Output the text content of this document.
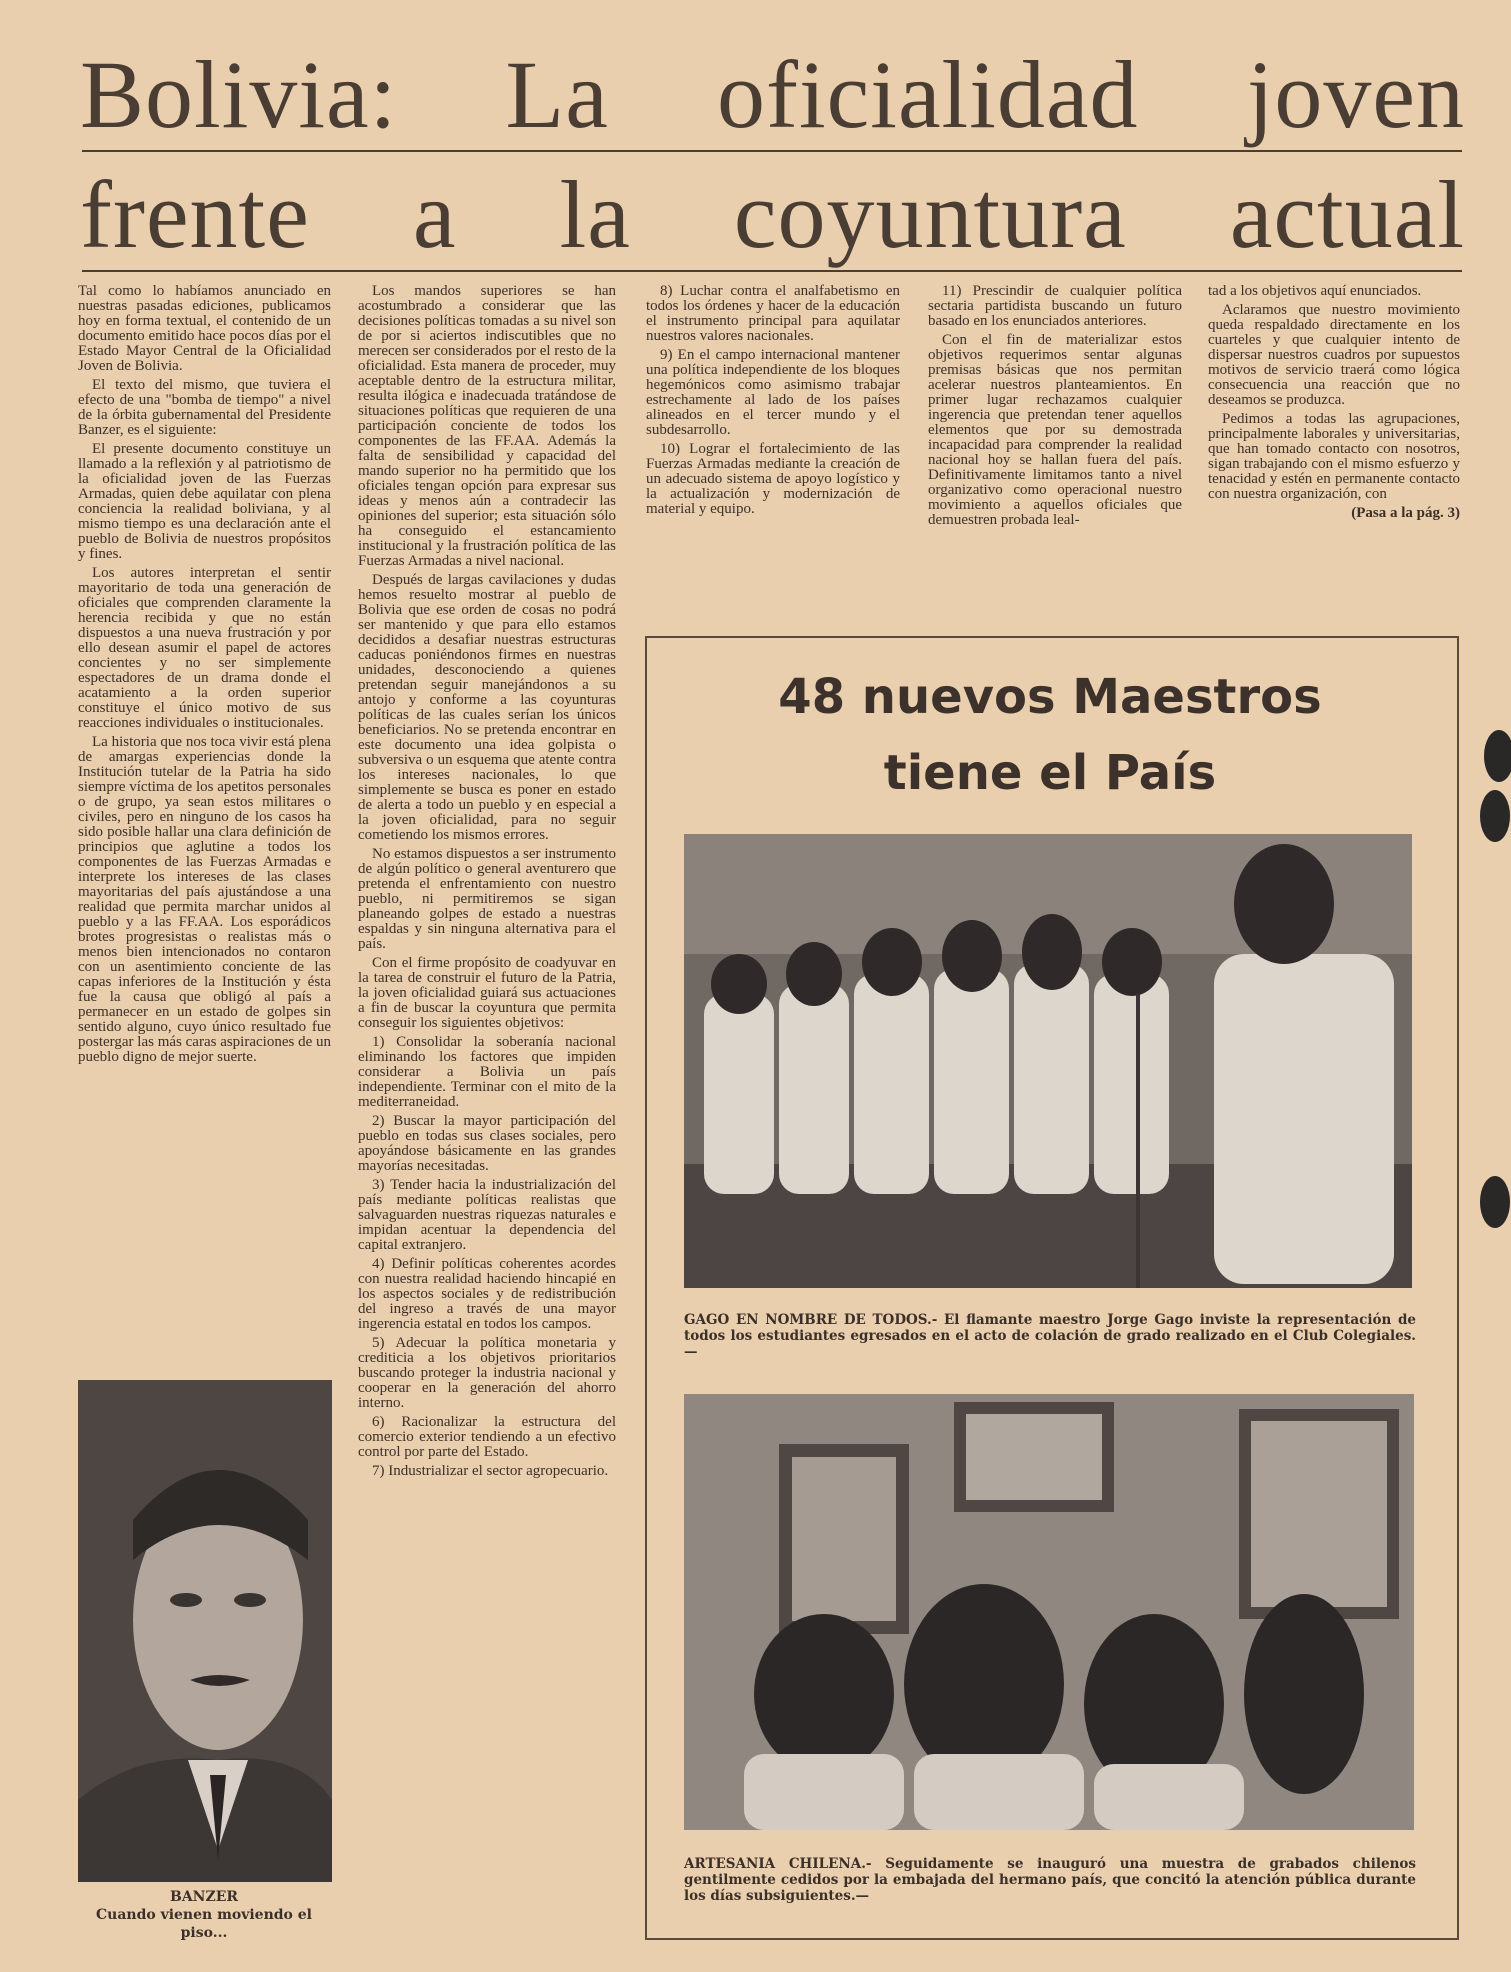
Bolivia: La oficialidad joven
frente a la coyuntura actual

Tal como lo habíamos anunciado en nuestras pasadas ediciones, publicamos hoy en forma textual, el contenido de un documento emitido hace pocos días por el Estado Mayor Central de la Oficialidad Joven de Bolivia.

El texto del mismo, que tuviera el efecto de una "bomba de tiempo" a nivel de la órbita gubernamental del Presidente Banzer, es el siguiente:

El presente documento constituye un llamado a la reflexión y al patriotismo de la oficialidad joven de las Fuerzas Armadas, quien debe aquilatar con plena conciencia la realidad boliviana, y al mismo tiempo es una declaración ante el pueblo de Bolivia de nuestros propósitos y fines.

Los autores interpretan el sentir mayoritario de toda una generación de oficiales que comprenden claramente la herencia recibida y que no están dispuestos a una nueva frustración y por ello desean asumir el papel de actores concientes y no ser simplemente espectadores de un drama donde el acatamiento a la orden superior constituye el único motivo de sus reacciones individuales o institucionales.

La historia que nos toca vivir está plena de amargas experiencias donde la Institución tutelar de la Patria ha sido siempre víctima de los apetitos personales o de grupo, ya sean estos militares o civiles, pero en ninguno de los casos ha sido posible hallar una clara definición de principios que aglutine a todos los componentes de las Fuerzas Armadas e interprete los intereses de las clases mayoritarias del país ajustándose a una realidad que permita marchar unidos al pueblo y a las FF.AA. Los esporádicos brotes progresistas o realistas más o menos bien intencionados no contaron con un asentimiento conciente de las capas inferiores de la Institución y ésta fue la causa que obligó al país a permanecer en un estado de golpes sin sentido alguno, cuyo único resultado fue postergar las más caras aspiraciones de un pueblo digno de mejor suerte.

BANZER
Cuando vienen moviendo el piso...

Los mandos superiores se han acostumbrado a considerar que las decisiones políticas tomadas a su nivel son de por si aciertos indiscutibles que no merecen ser considerados por el resto de la oficialidad. Esta manera de proceder, muy aceptable dentro de la estructura militar, resulta ilógica e inadecuada tratándose de situaciones políticas que requieren de una participación conciente de todos los componentes de las FF.AA. Además la falta de sensibilidad y capacidad del mando superior no ha permitido que los oficiales tengan opción para expresar sus ideas y menos aún a contradecir las opiniones del superior; esta situación sólo ha conseguido el estancamiento institucional y la frustración política de las Fuerzas Armadas a nivel nacional.

Después de largas cavilaciones y dudas hemos resuelto mostrar al pueblo de Bolivia que ese orden de cosas no podrá ser mantenido y que para ello estamos decididos a desafiar nuestras estructuras caducas poniéndonos firmes en nuestras unidades, desconociendo a quienes pretendan seguir manejándonos a su antojo y conforme a las coyunturas políticas de las cuales serían los únicos beneficiarios. No se pretenda encontrar en este documento una idea golpista o subversiva o un esquema que atente contra los intereses nacionales, lo que simplemente se busca es poner en estado de alerta a todo un pueblo y en especial a la joven oficialidad, para no seguir cometiendo los mismos errores.

No estamos dispuestos a ser instrumento de algún político o general aventurero que pretenda el enfrentamiento con nuestro pueblo, ni permitiremos se sigan planeando golpes de estado a nuestras espaldas y sin ninguna alternativa para el país.

Con el firme propósito de coadyuvar en la tarea de construir el futuro de la Patria, la joven oficialidad guiará sus actuaciones a fin de buscar la coyuntura que permita conseguir los siguientes objetivos:

1) Consolidar la soberanía nacional eliminando los factores que impiden considerar a Bolivia un país independiente. Terminar con el mito de la mediterraneidad.

2) Buscar la mayor participación del pueblo en todas sus clases sociales, pero apoyándose básicamente en las grandes mayorías necesitadas.

3) Tender hacia la industrialización del país mediante políticas realistas que salvaguarden nuestras riquezas naturales e impidan acentuar la dependencia del capital extranjero.

4) Definir políticas coherentes acordes con nuestra realidad haciendo hincapié en los aspectos sociales y de redistribución del ingreso a través de una mayor ingerencia estatal en todos los campos.

5) Adecuar la política monetaria y crediticia a los objetivos prioritarios buscando proteger la industria nacional y cooperar en la generación del ahorro interno.

6) Racionalizar la estructura del comercio exterior tendiendo a un efectivo control por parte del Estado.

7) Industrializar el sector agropecuario.

8) Luchar contra el analfabetismo en todos los órdenes y hacer de la educación el instrumento principal para aquilatar nuestros valores nacionales.

9) En el campo internacional mantener una política independiente de los bloques hegemónicos como asimismo trabajar estrechamente al lado de los países alineados en el tercer mundo y el subdesarrollo.

10) Lograr el fortalecimiento de las Fuerzas Armadas mediante la creación de un adecuado sistema de apoyo logístico y la actualización y modernización de material y equipo.

11) Prescindir de cualquier política sectaria partidista buscando un futuro basado en los enunciados anteriores.

Con el fin de materializar estos objetivos requerimos sentar algunas premisas básicas que nos permitan acelerar nuestros planteamientos. En primer lugar rechazamos cualquier ingerencia que pretendan tener aquellos elementos que por su demostrada incapacidad para comprender la realidad nacional hoy se hallan fuera del país. Definitivamente limitamos tanto a nivel organizativo como operacional nuestro movimiento a aquellos oficiales que demuestren probada leal-

tad a los objetivos aquí enunciados.

Aclaramos que nuestro movimiento queda respaldado directamente en los cuarteles y que cualquier intento de dispersar nuestros cuadros por supuestos motivos de servicio traerá como lógica consecuencia una reacción que no deseamos se produzca.

Pedimos a todas las agrupaciones, principalmente laborales y universitarias, que han tomado contacto con nosotros, sigan trabajando con el mismo esfuerzo y tenacidad y estén en permanente contacto con nuestra organización, con

(Pasa a la pág. 3)

48 nuevos Maestros
tiene el País
GAGO EN NOMBRE DE TODOS.- El flamante maestro Jorge Gago inviste la representación de todos los estudiantes egresados en el acto de colación de grado realizado en el Club Colegiales.—
ARTESANIA CHILENA.- Seguidamente se inauguró una muestra de grabados chilenos gentilmente cedidos por la embajada del hermano país, que concitó la atención pública durante los días subsiguientes.—
